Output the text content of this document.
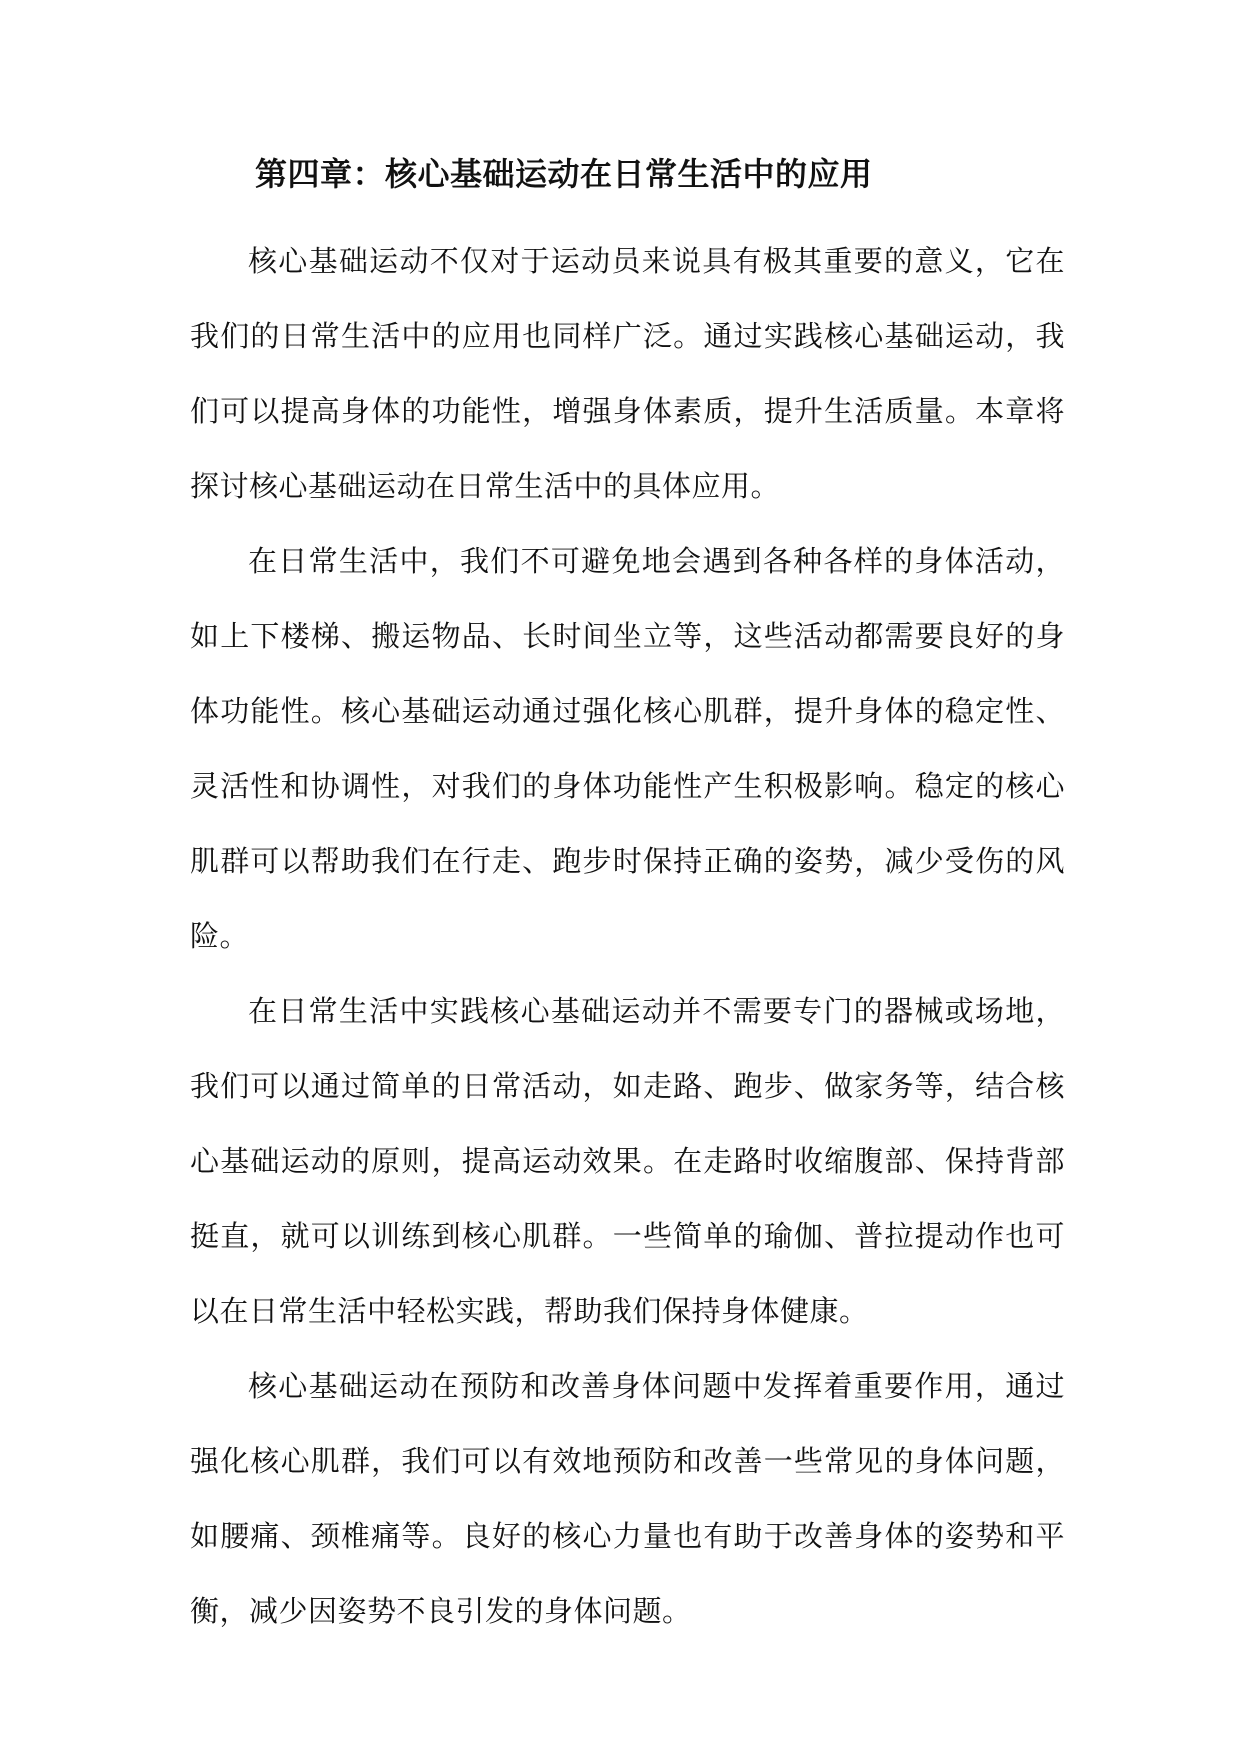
第四章：核心基础运动在日常生活中的应用

核心基础运动不仅对于运动员来说具有极其重要的意义，它在我们的日常生活中的应用也同样广泛。通过实践核心基础运动，我们可以提高身体的功能性，增强身体素质，提升生活质量。本章将探讨核心基础运动在日常生活中的具体应用。

在日常生活中，我们不可避免地会遇到各种各样的身体活动，如上下楼梯、搬运物品、长时间坐立等，这些活动都需要良好的身体功能性。核心基础运动通过强化核心肌群，提升身体的稳定性、灵活性和协调性，对我们的身体功能性产生积极影响。稳定的核心肌群可以帮助我们在行走、跑步时保持正确的姿势，减少受伤的风险。

在日常生活中实践核心基础运动并不需要专门的器械或场地，我们可以通过简单的日常活动，如走路、跑步、做家务等，结合核心基础运动的原则，提高运动效果。在走路时收缩腹部、保持背部挺直，就可以训练到核心肌群。一些简单的瑜伽、普拉提动作也可以在日常生活中轻松实践，帮助我们保持身体健康。

核心基础运动在预防和改善身体问题中发挥着重要作用，通过强化核心肌群，我们可以有效地预防和改善一些常见的身体问题，如腰痛、颈椎痛等。良好的核心力量也有助于改善身体的姿势和平衡，减少因姿势不良引发的身体问题。
